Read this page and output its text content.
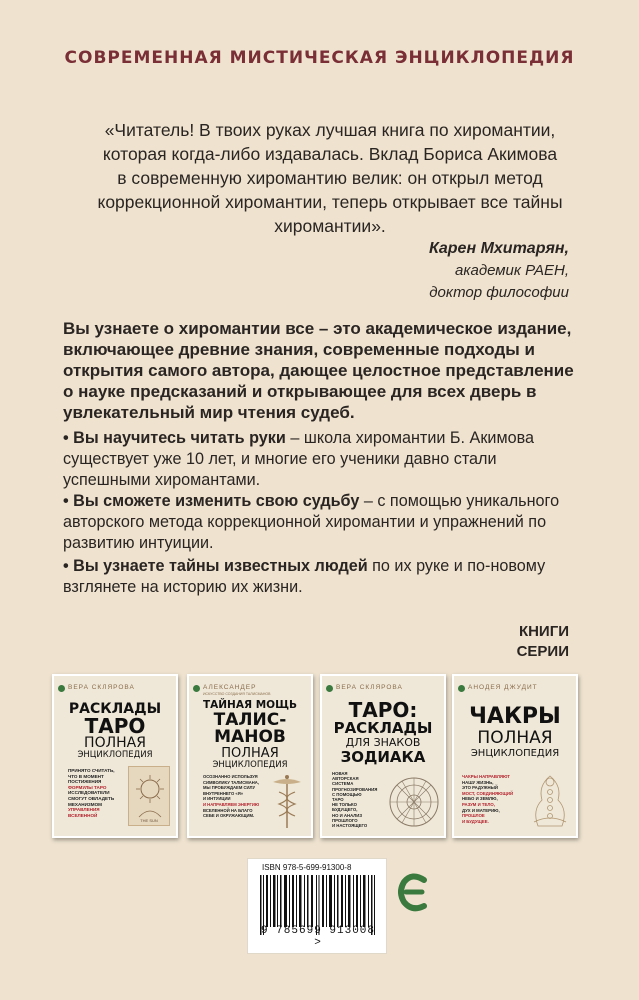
СОВРЕМЕННАЯ МИСТИЧЕСКАЯ ЭНЦИКЛОПЕДИЯ
«Читатель! В твоих руках лучшая книга по хиромантии,
которая когда-либо издавалась. Вклад Бориса Акимова
в современную хиромантию велик: он открыл метод
коррекционной хиромантии, теперь открывает все тайны
хиромантии».
Карен Мхитарян,
академик РАЕН,
доктор философии
Вы узнаете о хиромантии все – это академическое издание,
включающее древние знания, современные подходы и
открытия самого автора, дающее целостное представление
о науке предсказаний и открывающее для всех дверь в
увлекательный мир чтения судеб.
• Вы научитесь читать руки – школа хиромантии Б. Акимова существует уже 10 лет, и многие его ученики давно стали успешными хиромантами.
• Вы сможете изменить свою судьбу – с помощью уникального авторского метода коррекционной хиромантии и упражнений по развитию интуиции.
• Вы узнаете тайны известных людей по их руке и по-новому взглянете на историю их жизни.
КНИГИ
СЕРИИ
ВЕРА СКЛЯРОВА
РАСКЛАДЫ
ТАРО
ПОЛНАЯ
ЭНЦИКЛОПЕДИЯ
ПРИНЯТО СЧИТАТЬ,
ЧТО В МОМЕНТ
ПОСТИЖЕНИЯ
ФОРМУЛЫ ТАРО
ИССЛЕДОВАТЕЛИ
СМОГУТ ОВЛАДЕТЬ
МЕХАНИЗМОМ
УПРАВЛЕНИЯ
ВСЕЛЕННОЙ
THE SUN
АЛЕКСАНДЕР
ИСКУССТВО СОЗДАНИЯ ТАЛИСМАНОВ
ТАЙНАЯ МОЩЬ
ТАЛИС-
МАНОВ
ПОЛНАЯ
ЭНЦИКЛОПЕДИЯ
ОСОЗНАННО ИСПОЛЬЗУЯ
СИМВОЛИКУ ТАЛИСМАНА,
МЫ ПРОБУЖДАЕМ СИЛУ
ВНУТРЕННЕГО «Я»
И ИНТУИЦИИ
И НАПРАВЛЯЕМ ЭНЕРГИЮ
ВСЕЛЕННОЙ НА БЛАГО
СЕБЕ И ОКРУЖАЮЩИМ.
ВЕРА СКЛЯРОВА
ТАРО:
РАСКЛАДЫ
ДЛЯ ЗНАКОВ
ЗОДИАКА
НОВАЯ
АВТОРСКАЯ
СИСТЕМА
ПРОГНОЗИРОВАНИЯ
С ПОМОЩЬЮ
ТАРО
НЕ ТОЛЬКО
БУДУЩЕГО,
НО И АНАЛИЗ
ПРОШЛОГО
И НАСТОЯЩЕГО
АНОДЕЯ ДЖУДИТ
ЧАКРЫ
ПОЛНАЯ
ЭНЦИКЛОПЕДИЯ
ЧАКРЫ НАПРАВЛЯЮТ
НАШУ ЖИЗНЬ,
ЭТО РАДУЖНЫЙ
МОСТ, СОЕДИНЯЮЩИЙ
НЕБО И ЗЕМЛЮ,
РАЗУМ И ТЕЛО,
ДУХ И МАТЕРИЮ,
ПРОШЛОЕ
И БУДУЩЕЕ.
ISBN 978-5-699-91300-8
9 785699 913008 >
